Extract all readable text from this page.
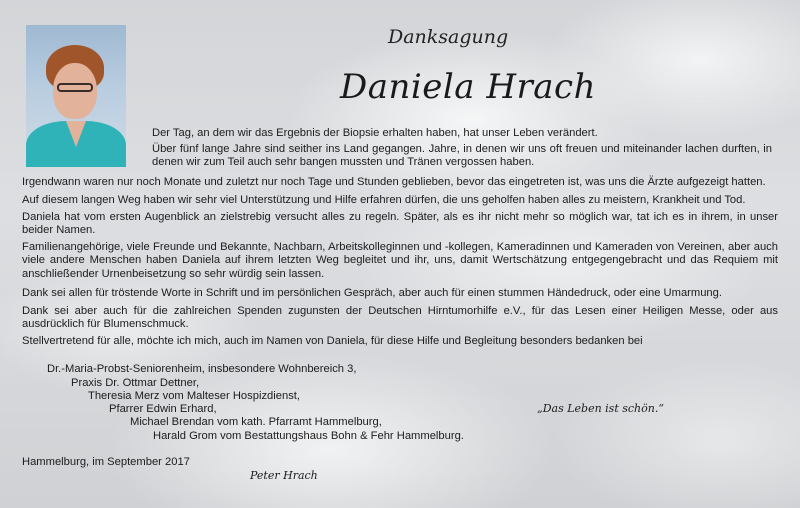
Danksagung
Daniela Hrach
Der Tag, an dem wir das Ergebnis der Biopsie erhalten haben, hat unser Leben verändert.
Über fünf lange Jahre sind seither ins Land gegangen. Jahre, in denen wir uns oft freuen und miteinander lachen durften, in denen wir zum Teil auch sehr bangen mussten und Tränen vergossen haben.
Irgendwann waren nur noch Monate und zuletzt nur noch Tage und Stunden geblieben, bevor das eingetreten ist, was uns die Ärzte aufgezeigt hatten.
Auf diesem langen Weg haben wir sehr viel Unterstützung und Hilfe erfahren dürfen, die uns geholfen haben alles zu meistern, Krankheit und Tod.
Daniela hat vom ersten Augenblick an zielstrebig versucht alles zu regeln. Später, als es ihr nicht mehr so möglich war, tat ich es in ihrem, in unser beider Namen.
Familienangehörige, viele Freunde und Bekannte, Nachbarn, Arbeitskolleginnen und -kollegen, Kameradinnen und Kameraden von Vereinen, aber auch viele andere Menschen haben Daniela auf ihrem letzten Weg begleitet und ihr, uns, damit Wertschätzung entgegengebracht und das Requiem mit anschließender Urnenbeisetzung so sehr würdig sein lassen.
Dank sei allen für tröstende Worte in Schrift und im persönlichen Gespräch, aber auch für einen stummen Händedruck, oder eine Umarmung.
Dank sei aber auch für die zahlreichen Spenden zugunsten der Deutschen Hirntumorhilfe e.V., für das Lesen einer Heiligen Messe, oder aus ausdrücklich für Blumenschmuck.
Stellvertretend für alle, möchte ich mich, auch im Namen von Daniela, für diese Hilfe und Begleitung besonders bedanken bei
Dr.-Maria-Probst-Seniorenheim, insbesondere Wohnbereich 3,
Praxis Dr. Ottmar Dettner,
Theresia Merz vom Malteser Hospizdienst,
Pfarrer Edwin Erhard,
Michael Brendan vom kath. Pfarramt Hammelburg,
Harald Grom vom Bestattungshaus Bohn & Fehr Hammelburg.
„Das Leben ist schön.“
Hammelburg, im September 2017
Peter Hrach
